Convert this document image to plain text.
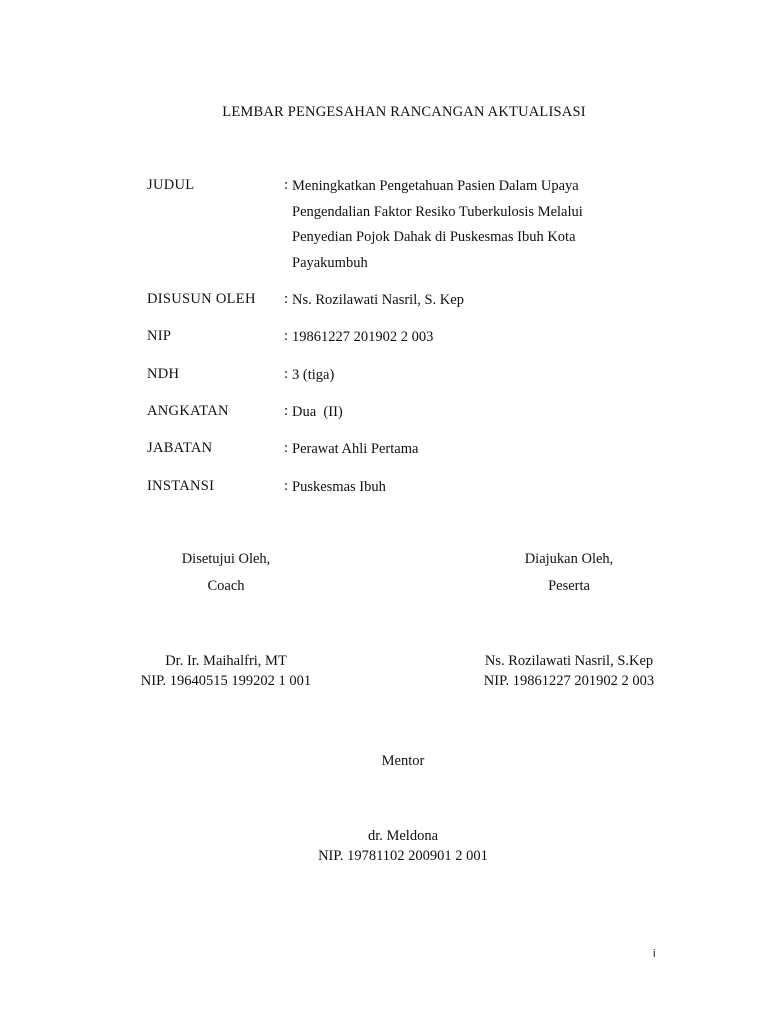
LEMBAR PENGESAHAN RANCANGAN AKTUALISASI
JUDUL	: Meningkatkan Pengetahuan Pasien Dalam Upaya
Pengendalian Faktor Resiko Tuberkulosis Melalui
Penyedian Pojok Dahak di Puskesmas Ibuh Kota
Payakumbuh
DISUSUN OLEH : Ns. Rozilawati Nasril, S. Kep
NIP	: 19861227 201902 2 003
NDH	: 3 (tiga)
ANGKATAN	: Dua  (II)
JABATAN	: Perawat Ahli Pertama
INSTANSI	: Puskesmas Ibuh
Disetujui Oleh,
Coach
Dr. Ir. Maihalfri, MT
NIP. 19640515 199202 1 001
Diajukan Oleh,
Peserta
Ns. Rozilawati Nasril, S.Kep
NIP. 19861227 201902 2 003
Mentor
dr. Meldona
NIP. 19781102 200901 2 001
i
